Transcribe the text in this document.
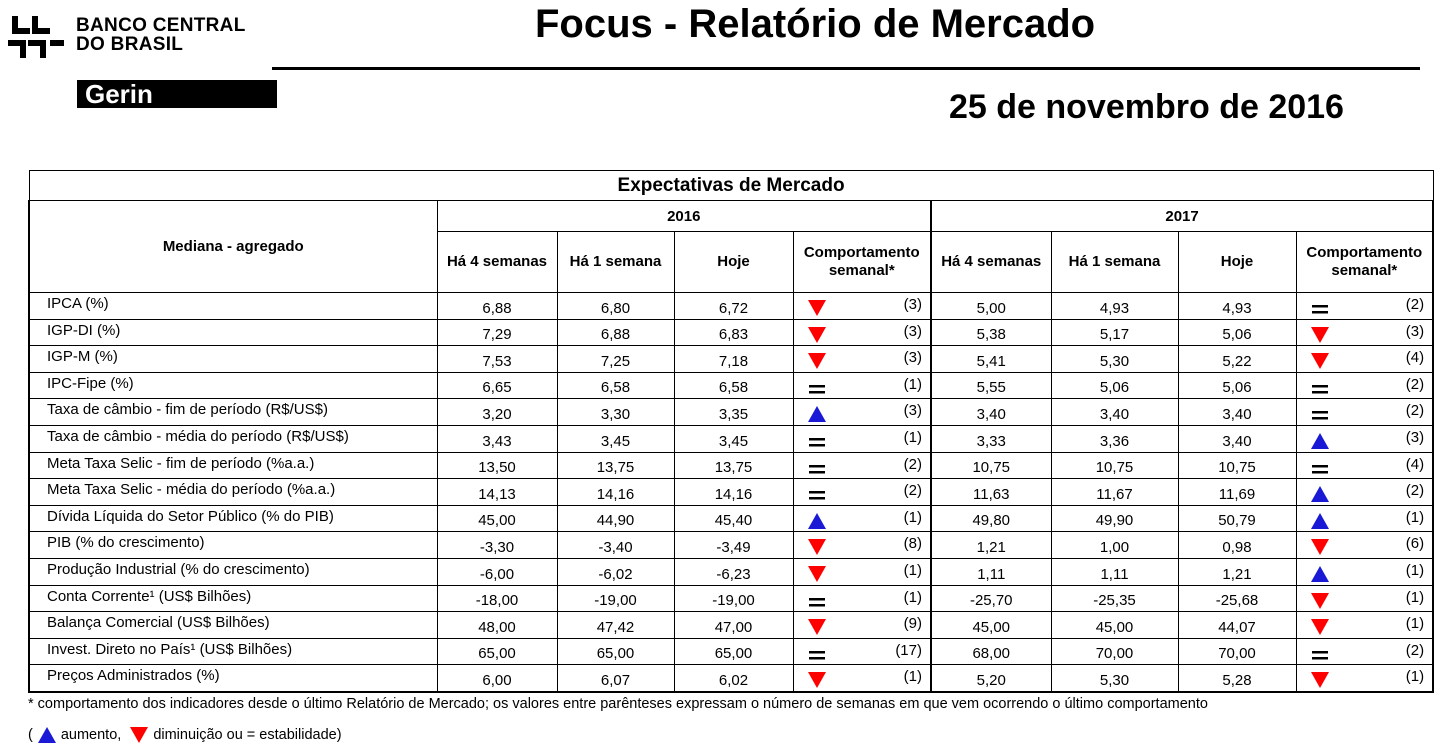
BANCO CENTRAL
DO BRASIL
Gerin
Focus - Relatório de Mercado
25 de novembro de 2016
Expectativas de Mercado								
Mediana - agregado	2016				2017			
	Há 4 semanas	Há 1 semana	Hoje	Comportamento semanal*	Há 4 semanas	Há 1 semana	Hoje	Comportamento semanal*
IPCA (%)	6,88	6,80	6,72	(3)	5,00	4,93	4,93	(2)

IGP-DI (%)	7,29	6,88	6,83	(3)	5,38	5,17	5,06	(3)

IGP-M (%)	7,53	7,25	7,18	(3)	5,41	5,30	5,22	(4)

IPC-Fipe (%)	6,65	6,58	6,58	(1)	5,55	5,06	5,06	(2)

Taxa de câmbio - fim de período (R$/US$)	3,20	3,30	3,35	(3)	3,40	3,40	3,40	(2)

Taxa de câmbio - média do período (R$/US$)	3,43	3,45	3,45	(1)	3,33	3,36	3,40	(3)

Meta Taxa Selic - fim de período (%a.a.)	13,50	13,75	13,75	(2)	10,75	10,75	10,75	(4)

Meta Taxa Selic - média do período (%a.a.)	14,13	14,16	14,16	(2)	11,63	11,67	11,69	(2)

Dívida Líquida do Setor Público (% do PIB)	45,00	44,90	45,40	(1)	49,80	49,90	50,79	(1)

PIB (% do crescimento)	-3,30	-3,40	-3,49	(8)	1,21	1,00	0,98	(6)

Produção Industrial (% do crescimento)	-6,00	-6,02	-6,23	(1)	1,11	1,11	1,21	(1)

Conta Corrente¹ (US$ Bilhões)	-18,00	-19,00	-19,00	(1)	-25,70	-25,35	-25,68	(1)

Balança Comercial (US$ Bilhões)	48,00	47,42	47,00	(9)	45,00	45,00	44,07	(1)

Invest. Direto no País¹ (US$ Bilhões)	65,00	65,00	65,00	(17)	68,00	70,00	70,00	(2)

Preços Administrados (%)	6,00	6,07	6,02	(1)	5,20	5,30	5,28	(1)
* comportamento dos indicadores desde o último Relatório de Mercado; os valores entre parênteses expressam o número de semanas em que vem ocorrendo o último comportamento
( aumento, diminuição ou = estabilidade)
